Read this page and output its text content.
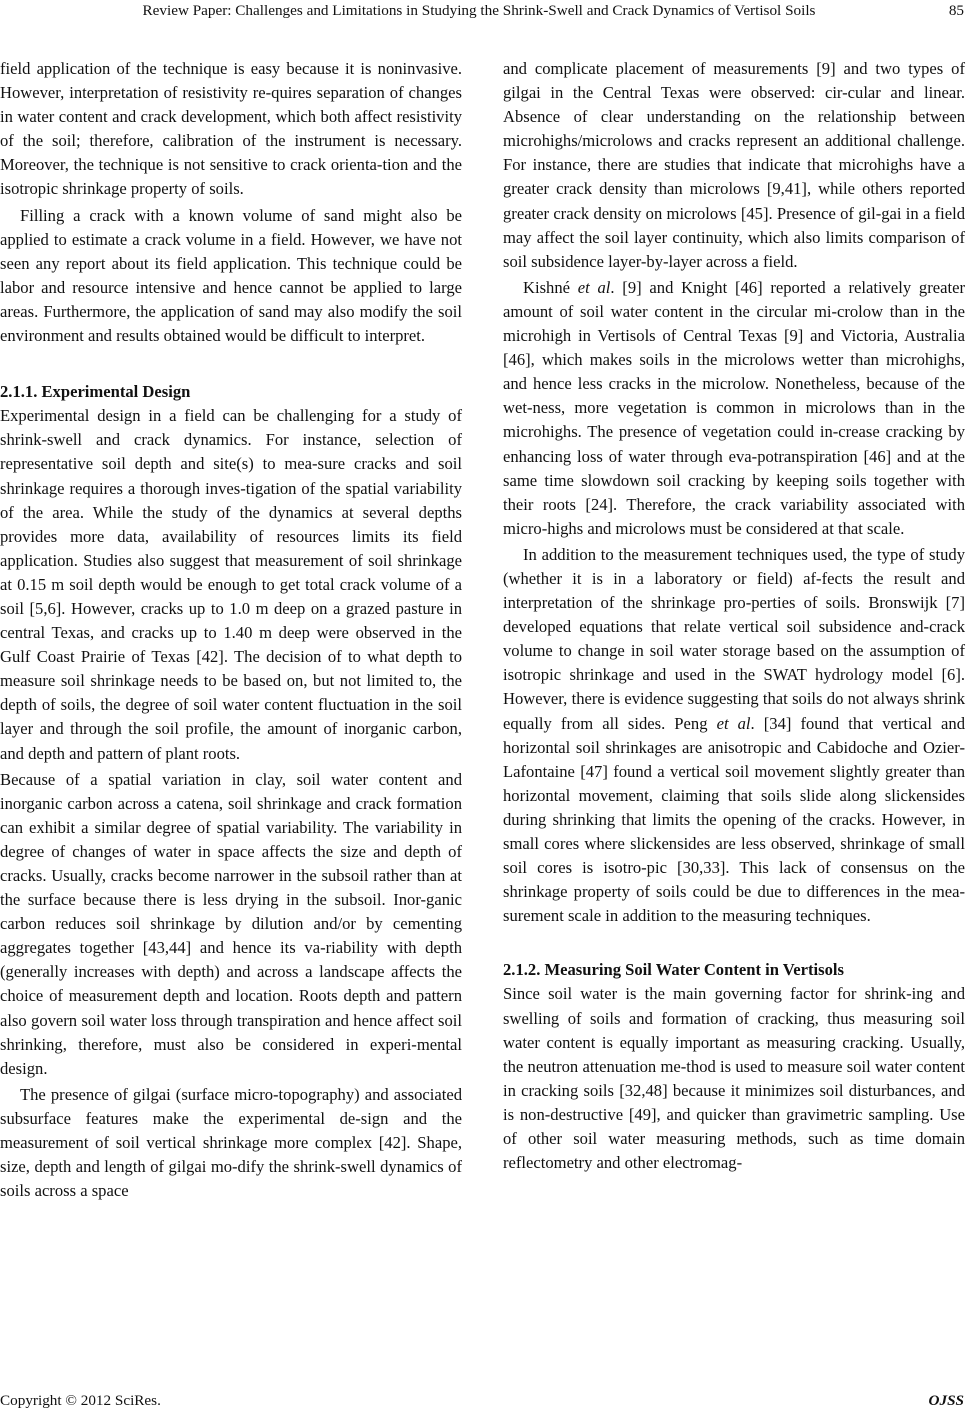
Review Paper: Challenges and Limitations in Studying the Shrink-Swell and Crack Dynamics of Vertisol Soils	85

field application of the technique is easy because it is noninvasive. However, interpretation of resistivity re-quires separation of changes in water content and crack development, which both affect resistivity of the soil; therefore, calibration of the instrument is necessary. Moreover, the technique is not sensitive to crack orienta-tion and the isotropic shrinkage property of soils.

Filling a crack with a known volume of sand might also be applied to estimate a crack volume in a field. However, we have not seen any report about its field application. This technique could be labor and resource intensive and hence cannot be applied to large areas. Furthermore, the application of sand may also modify the soil environment and results obtained would be difficult to interpret.

2.1.1. Experimental Design

Experimental design in a field can be challenging for a study of shrink-swell and crack dynamics. For instance, selection of representative soil depth and site(s) to mea-sure cracks and soil shrinkage requires a thorough inves-tigation of the spatial variability of the area. While the study of the dynamics at several depths provides more data, availability of resources limits its field application. Studies also suggest that measurement of soil shrinkage at 0.15 m soil depth would be enough to get total crack volume of a soil [5,6]. However, cracks up to 1.0 m deep on a grazed pasture in central Texas, and cracks up to 1.40 m deep were observed in the Gulf Coast Prairie of Texas [42]. The decision of to what depth to measure soil shrinkage needs to be based on, but not limited to, the depth of soils, the degree of soil water content fluctuation in the soil layer and through the soil profile, the amount of inorganic carbon, and depth and pattern of plant roots.

Because of a spatial variation in clay, soil water content and inorganic carbon across a catena, soil shrinkage and crack formation can exhibit a similar degree of spatial variability. The variability in degree of changes of water in space affects the size and depth of cracks. Usually, cracks become narrower in the subsoil rather than at the surface because there is less drying in the subsoil. Inor-ganic carbon reduces soil shrinkage by dilution and/or by cementing aggregates together [43,44] and hence its va-riability with depth (generally increases with depth) and across a landscape affects the choice of measurement depth and location. Roots depth and pattern also govern soil water loss through transpiration and hence affect soil shrinking, therefore, must also be considered in experi-mental design.

The presence of gilgai (surface micro-topography) and associated subsurface features make the experimental de-sign and the measurement of soil vertical shrinkage more complex [42]. Shape, size, depth and length of gilgai mo-dify the shrink-swell dynamics of soils across a space

and complicate placement of measurements [9] and two types of gilgai in the Central Texas were observed: cir-cular and linear. Absence of clear understanding on the relationship between microhighs/microlows and cracks represent an additional challenge. For instance, there are studies that indicate that microhighs have a greater crack density than microlows [9,41], while others reported greater crack density on microlows [45]. Presence of gil-gai in a field may affect the soil layer continuity, which also limits comparison of soil subsidence layer-by-layer across a field.

Kishné et al. [9] and Knight [46] reported a relatively greater amount of soil water content in the circular mi-crolow than in the microhigh in Vertisols of Central Texas [9] and Victoria, Australia [46], which makes soils in the microlows wetter than microhighs, and hence less cracks in the microlow. Nonetheless, because of the wet-ness, more vegetation is common in microlows than in the microhighs. The presence of vegetation could in-crease cracking by enhancing loss of water through eva-potranspiration [46] and at the same time slowdown soil cracking by keeping soils together with their roots [24]. Therefore, the crack variability associated with micro-highs and microlows must be considered at that scale.

In addition to the measurement techniques used, the type of study (whether it is in a laboratory or field) af-fects the result and interpretation of the shrinkage pro-perties of soils. Bronswijk [7] developed equations that relate vertical soil subsidence and-crack volume to change in soil water storage based on the assumption of isotropic shrinkage and used in the SWAT hydrology model [6]. However, there is evidence suggesting that soils do not always shrink equally from all sides. Peng et al. [34] found that vertical and horizontal soil shrinkages are anisotropic and Cabidoche and Ozier-Lafontaine [47] found a vertical soil movement slightly greater than horizontal movement, claiming that soils slide along slickensides during shrinking that limits the opening of the cracks. However, in small cores where slickensides are less observed, shrinkage of small soil cores is isotro-pic [30,33]. This lack of consensus on the shrinkage property of soils could be due to differences in the mea-surement scale in addition to the measuring techniques.

2.1.2. Measuring Soil Water Content in Vertisols

Since soil water is the main governing factor for shrink-ing and swelling of soils and formation of cracking, thus measuring soil water content is equally important as measuring cracking. Usually, the neutron attenuation me-thod is used to measure soil water content in cracking soils [32,48] because it minimizes soil disturbances, and is non-destructive [49], and quicker than gravimetric sampling. Use of other soil water measuring methods, such as time domain reflectometry and other electromag-

Copyright © 2012 SciRes.	OJSS
